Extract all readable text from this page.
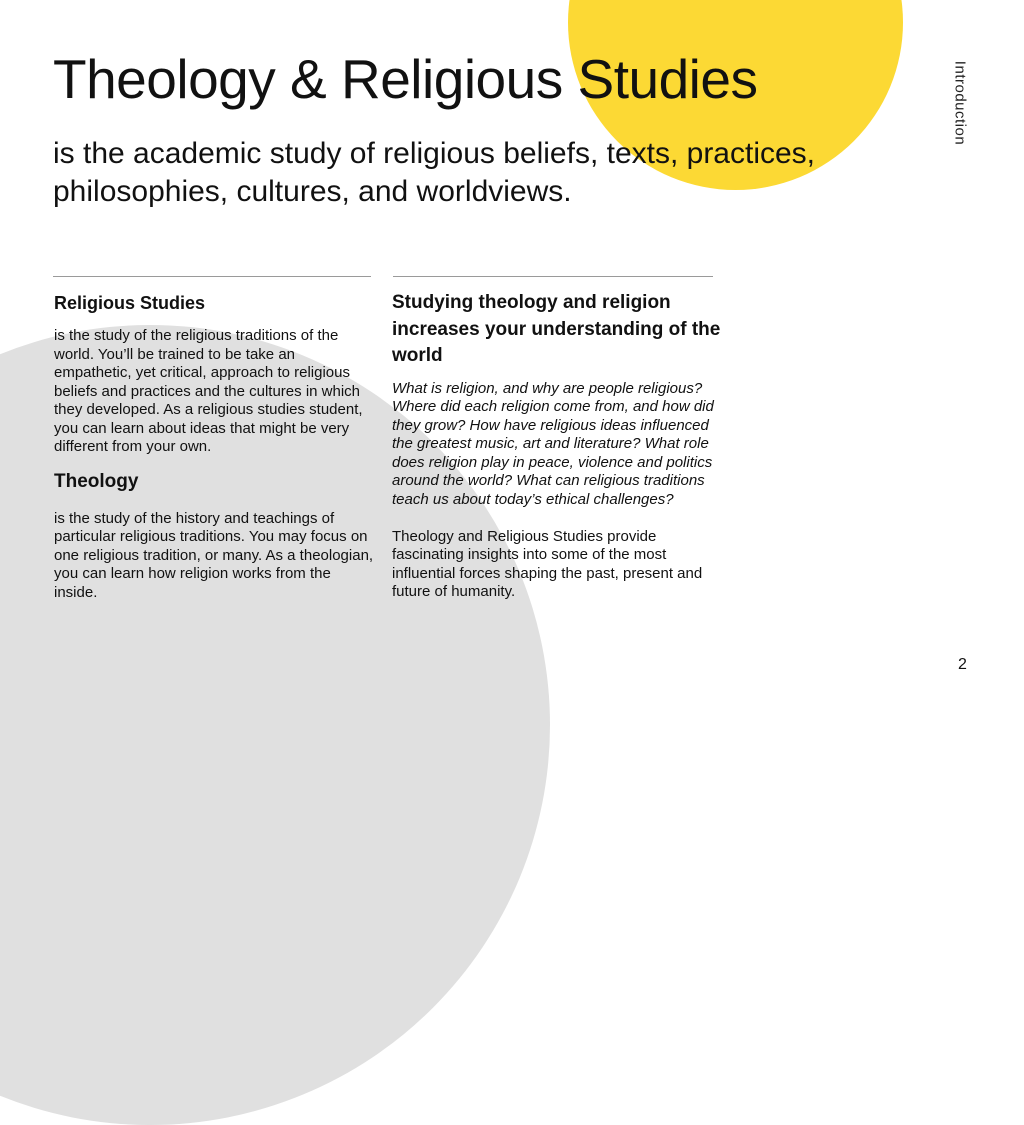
Theology & Religious Studies

is the academic study of religious beliefs, texts, practices, philosophies, cultures, and worldviews.

Introduction
Religious Studies

is the study of the religious traditions of the world. You’ll be trained to be take an empathetic, yet critical, approach to religious beliefs and practices and the cultures in which they developed. As a religious studies student, you can learn about ideas that might be very different from your own.

Theology

is the study of the history and teachings of particular religious traditions. You may focus on one religious tradition, or many. As a theologian, you can learn how religion works from the inside.

Studying theology and religion increases your understanding of the world

What is religion, and why are people religious? Where did each religion come from, and how did they grow? How have religious ideas influenced the greatest music, art and literature? What role does religion play in peace, violence and politics around the world? What can religious traditions teach us about today’s ethical challenges?

Theology and Religious Studies provide fascinating insights into some of the most influential forces shaping the past, present and future of humanity.

2
